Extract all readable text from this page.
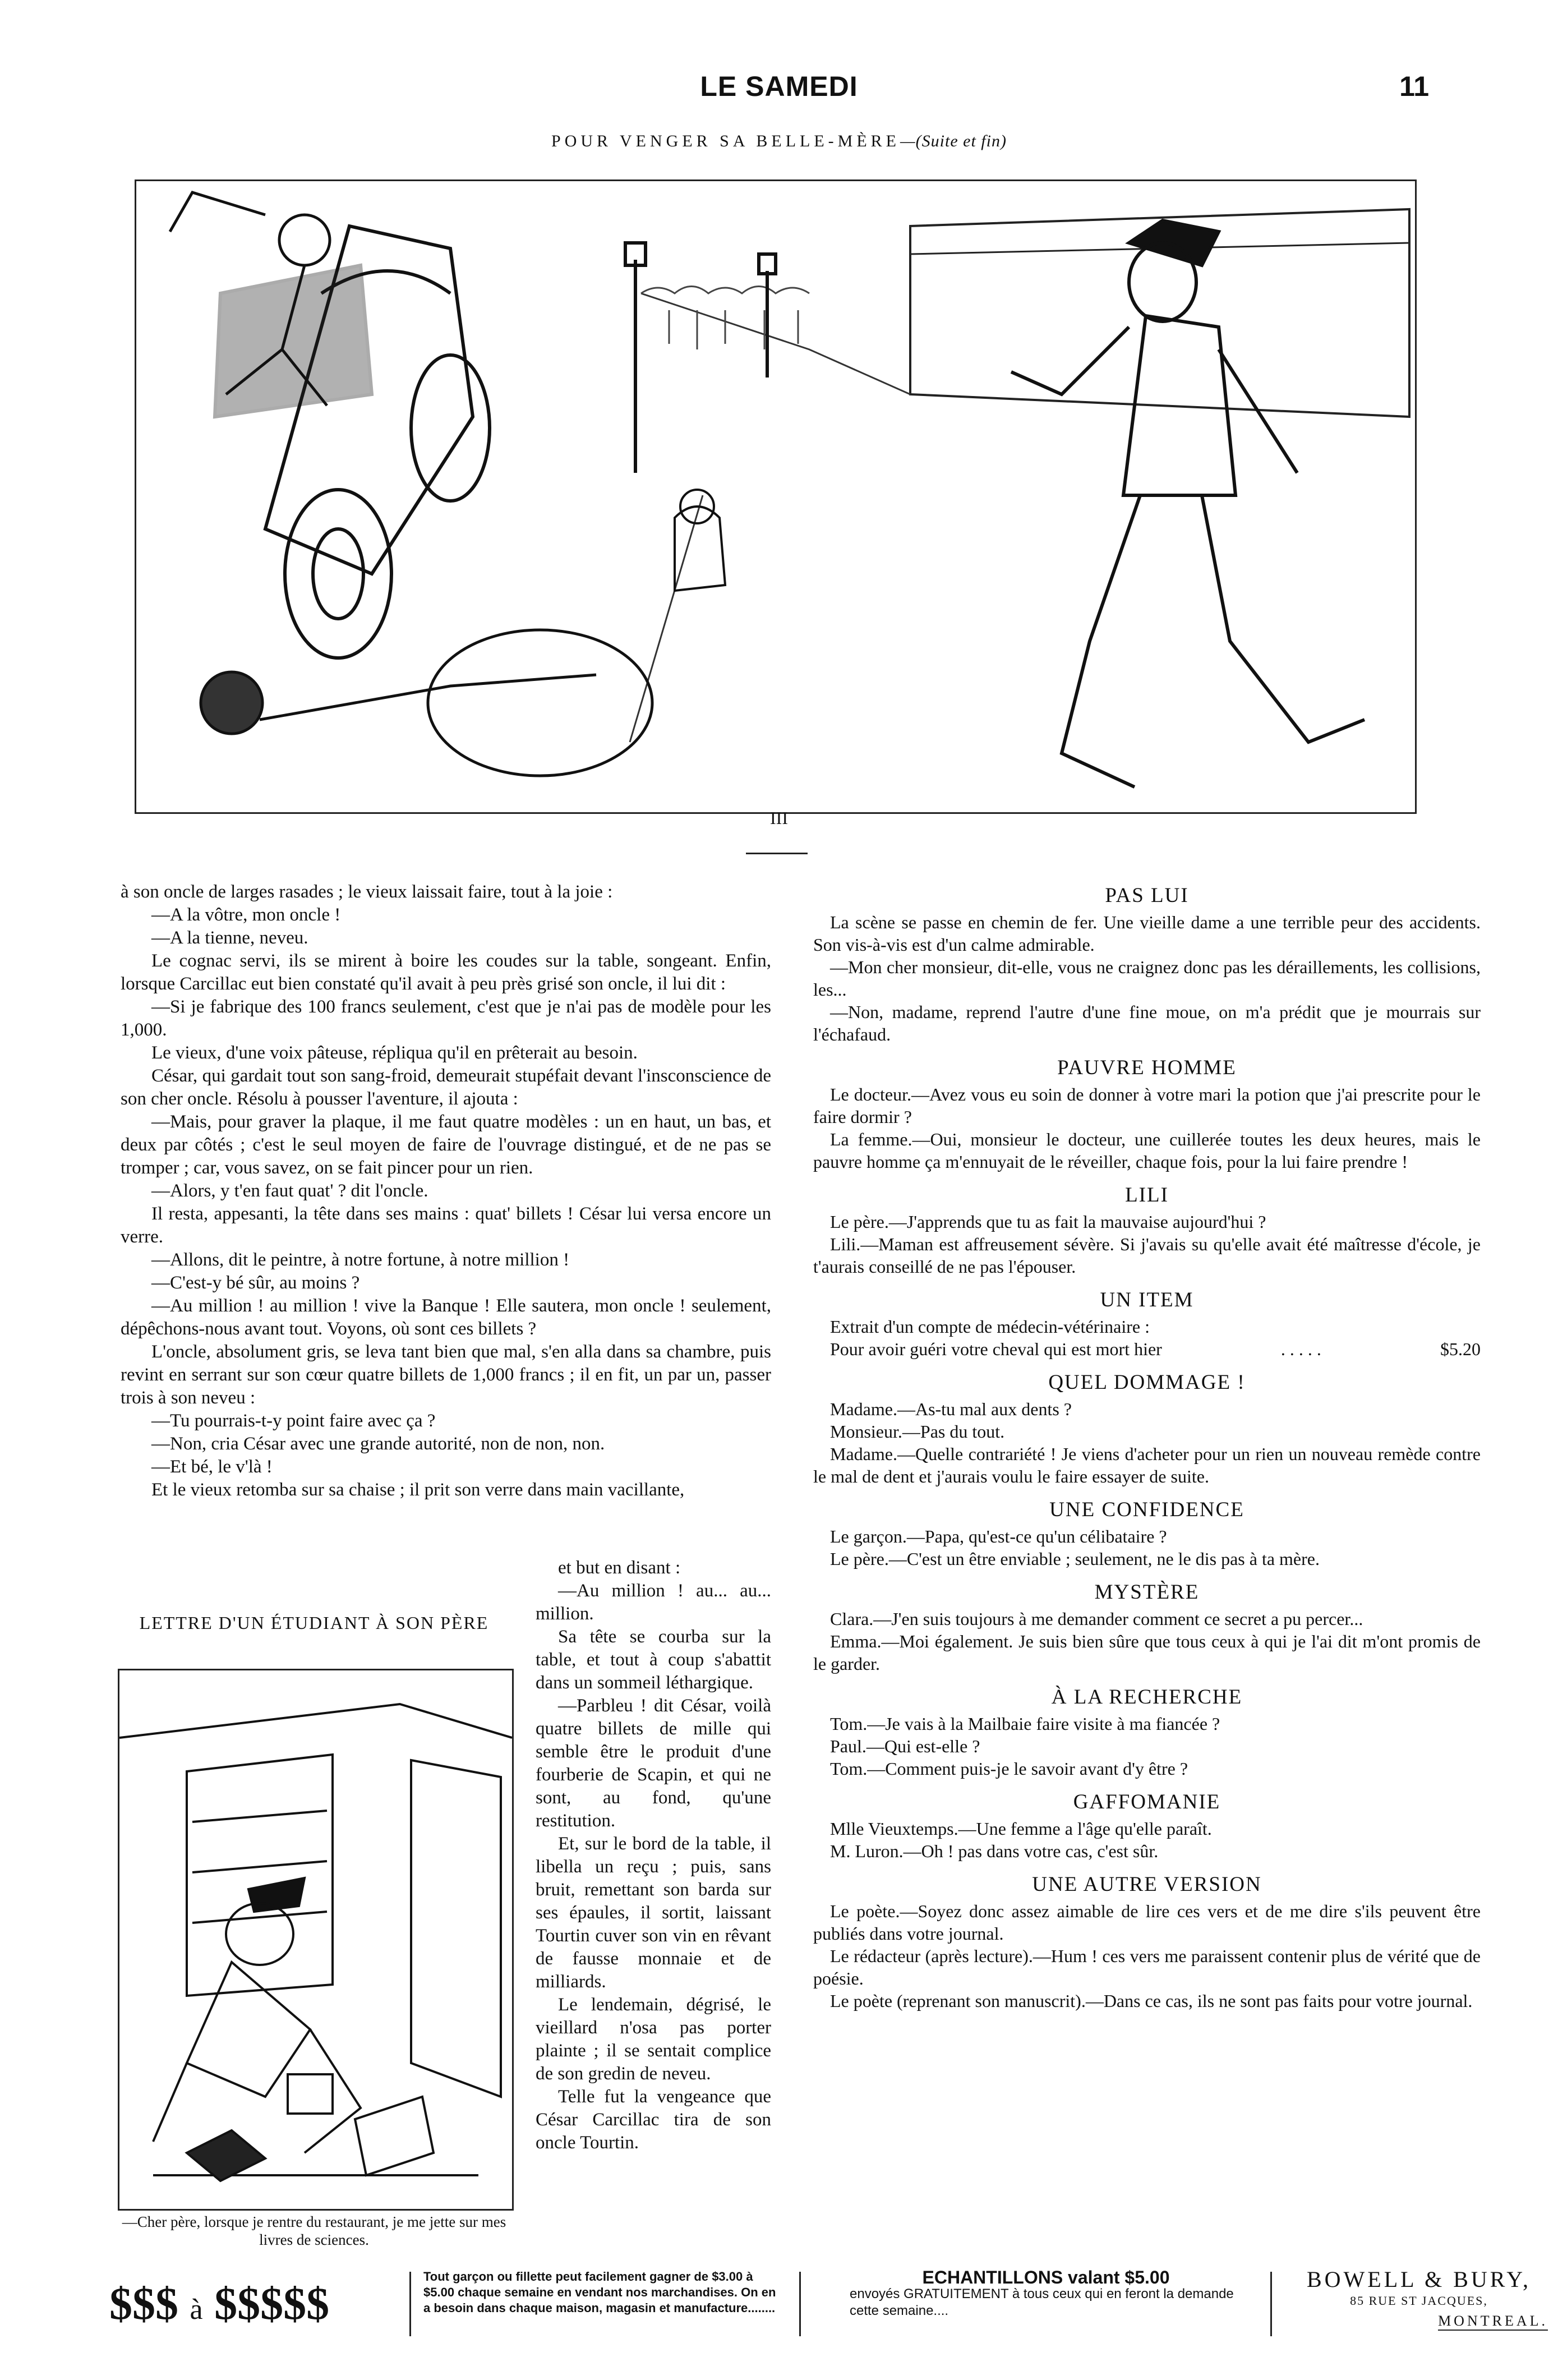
LE SAMEDI	11
POUR VENGER SA BELLE-MÈRE—(Suite et fin)
III

à son oncle de larges rasades ; le vieux laissait faire, tout à la joie :

—A la vôtre, mon oncle !

—A la tienne, neveu.

Le cognac servi, ils se mirent à boire les coudes sur la table, songeant. Enfin, lorsque Carcillac eut bien constaté qu'il avait à peu près grisé son oncle, il lui dit :

—Si je fabrique des 100 francs seulement, c'est que je n'ai pas de modèle pour les 1,000.

Le vieux, d'une voix pâteuse, répliqua qu'il en prêterait au besoin.

César, qui gardait tout son sang-froid, demeurait stupéfait devant l'insconscience de son cher oncle. Résolu à pousser l'aventure, il ajouta :

—Mais, pour graver la plaque, il me faut quatre modèles : un en haut, un bas, et deux par côtés ; c'est le seul moyen de faire de l'ouvrage distingué, et de ne pas se tromper ; car, vous savez, on se fait pincer pour un rien.

—Alors, y t'en faut quat' ? dit l'oncle.

Il resta, appesanti, la tête dans ses mains : quat' billets ! César lui versa encore un verre.

—Allons, dit le peintre, à notre fortune, à notre million !

—C'est-y bé sûr, au moins ?

—Au million ! au million ! vive la Banque ! Elle sautera, mon oncle ! seulement, dépêchons-nous avant tout. Voyons, où sont ces billets ?

L'oncle, absolument gris, se leva tant bien que mal, s'en alla dans sa chambre, puis revint en serrant sur son cœur quatre billets de 1,000 francs ; il en fit, un par un, passer trois à son neveu :

—Tu pourrais-t-y point faire avec ça ?

—Non, cria César avec une grande autorité, non de non, non.

—Et bé, le v'là !

Et le vieux retomba sur sa chaise ; il prit son verre dans main vacillante,

et but en disant :

—Au million ! au... au... million.

Sa tête se courba sur la table, et tout à coup s'abattit dans un sommeil léthargique.

—Parbleu ! dit César, voilà quatre billets de mille qui semble être le produit d'une fourberie de Scapin, et qui ne sont, au fond, qu'une restitution.

Et, sur le bord de la table, il libella un reçu ; puis, sans bruit, remettant son barda sur ses épaules, il sortit, laissant Tourtin cuver son vin en rêvant de fausse monnaie et de milliards.

Le lendemain, dégrisé, le vieillard n'osa pas porter plainte ; il se sentait complice de son gredin de neveu.

Telle fut la vengeance que César Carcillac tira de son oncle Tourtin.

LETTRE D'UN ÉTUDIANT À SON PÈRE
—Cher père, lorsque je rentre du restaurant, je me jette sur mes livres de sciences.
PAS LUI

La scène se passe en chemin de fer. Une vieille dame a une terrible peur des accidents. Son vis-à-vis est d'un calme admirable.

—Mon cher monsieur, dit-elle, vous ne craignez donc pas les déraillements, les collisions, les...

—Non, madame, reprend l'autre d'une fine moue, on m'a prédit que je mourrais sur l'échafaud.

PAUVRE HOMME

Le docteur.—Avez vous eu soin de donner à votre mari la potion que j'ai prescrite pour le faire dormir ?

La femme.—Oui, monsieur le docteur, une cuillerée toutes les deux heures, mais le pauvre homme ça m'ennuyait de le réveiller, chaque fois, pour la lui faire prendre !

LILI

Le père.—J'apprends que tu as fait la mauvaise aujourd'hui ?

Lili.—Maman est affreusement sévère. Si j'avais su qu'elle avait été maîtresse d'école, je t'aurais conseillé de ne pas l'épouser.

UN ITEM

Extrait d'un compte de médecin-vétérinaire :

Pour avoir guéri votre cheval qui est mort hier	. . . . .	$5.20
QUEL DOMMAGE !

Madame.—As-tu mal aux dents ?

Monsieur.—Pas du tout.

Madame.—Quelle contrariété ! Je viens d'acheter pour un rien un nouveau remède contre le mal de dent et j'aurais voulu le faire essayer de suite.

UNE CONFIDENCE

Le garçon.—Papa, qu'est-ce qu'un célibataire ?

Le père.—C'est un être enviable ; seulement, ne le dis pas à ta mère.

MYSTÈRE

Clara.—J'en suis toujours à me demander comment ce secret a pu percer...

Emma.—Moi également. Je suis bien sûre que tous ceux à qui je l'ai dit m'ont promis de le garder.

À LA RECHERCHE

Tom.—Je vais à la Mailbaie faire visite à ma fiancée ?

Paul.—Qui est-elle ?

Tom.—Comment puis-je le savoir avant d'y être ?

GAFFOMANIE

Mlle Vieuxtemps.—Une femme a l'âge qu'elle paraît.

M. Luron.—Oh ! pas dans votre cas, c'est sûr.

UNE AUTRE VERSION

Le poète.—Soyez donc assez aimable de lire ces vers et de me dire s'ils peuvent être publiés dans votre journal.

Le rédacteur (après lecture).—Hum ! ces vers me paraissent contenir plus de vérité que de poésie.

Le poète (reprenant son manuscrit).—Dans ce cas, ils ne sont pas faits pour votre journal.

$$$ à $$$$$
Tout garçon ou fillette peut facilement gagner de $3.00 à $5.00 chaque semaine en vendant nos marchandises. On en a besoin dans chaque maison, magasin et manufacture........
ECHANTILLONS valant $5.00
envoyés GRATUITEMENT à tous ceux qui en feront la demande cette semaine....
BOWELL & BURY,
85 RUE ST JACQUES,
MONTREAL.
